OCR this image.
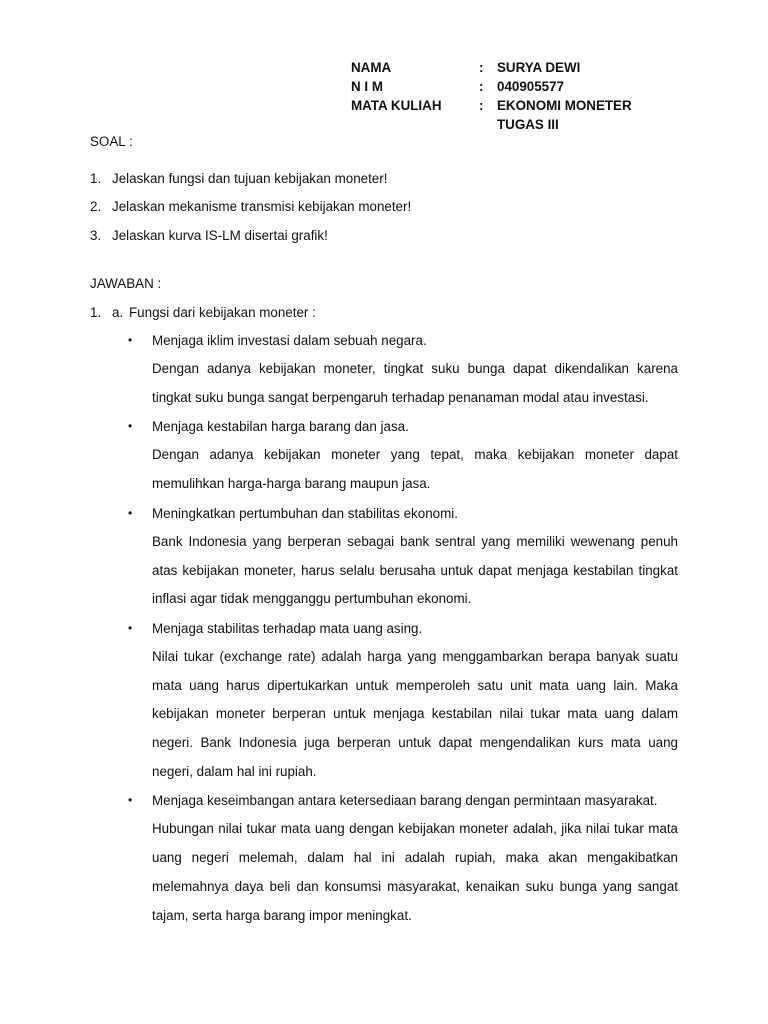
NAMA	: SURYA DEWI
N I M	: 040905577
MATA KULIAH	: EKONOMI MONETER
TUGAS III
SOAL :
1. Jelaskan fungsi dan tujuan kebijakan moneter!
2. Jelaskan mekanisme transmisi kebijakan moneter!
3. Jelaskan kurva IS-LM disertai grafik!
JAWABAN :
1. a. Fungsi dari kebijakan moneter :
• Menjaga iklim investasi dalam sebuah negara.
Dengan adanya kebijakan moneter, tingkat suku bunga dapat dikendalikan karena tingkat suku bunga sangat berpengaruh terhadap penanaman modal atau investasi.
• Menjaga kestabilan harga barang dan jasa.
Dengan adanya kebijakan moneter yang tepat, maka kebijakan moneter dapat memulihkan harga-harga barang maupun jasa.
• Meningkatkan pertumbuhan dan stabilitas ekonomi.
Bank Indonesia yang berperan sebagai bank sentral yang memiliki wewenang penuh atas kebijakan moneter, harus selalu berusaha untuk dapat menjaga kestabilan tingkat inflasi agar tidak mengganggu pertumbuhan ekonomi.
• Menjaga stabilitas terhadap mata uang asing.
Nilai tukar (exchange rate) adalah harga yang menggambarkan berapa banyak suatu mata uang harus dipertukarkan untuk memperoleh satu unit mata uang lain. Maka kebijakan moneter berperan untuk menjaga kestabilan nilai tukar mata uang dalam negeri. Bank Indonesia juga berperan untuk dapat mengendalikan kurs mata uang negeri, dalam hal ini rupiah.
• Menjaga keseimbangan antara ketersediaan barang dengan permintaan masyarakat.
Hubungan nilai tukar mata uang dengan kebijakan moneter adalah, jika nilai tukar mata uang negeri melemah, dalam hal ini adalah rupiah, maka akan mengakibatkan melemahnya daya beli dan konsumsi masyarakat, kenaikan suku bunga yang sangat tajam, serta harga barang impor meningkat.
